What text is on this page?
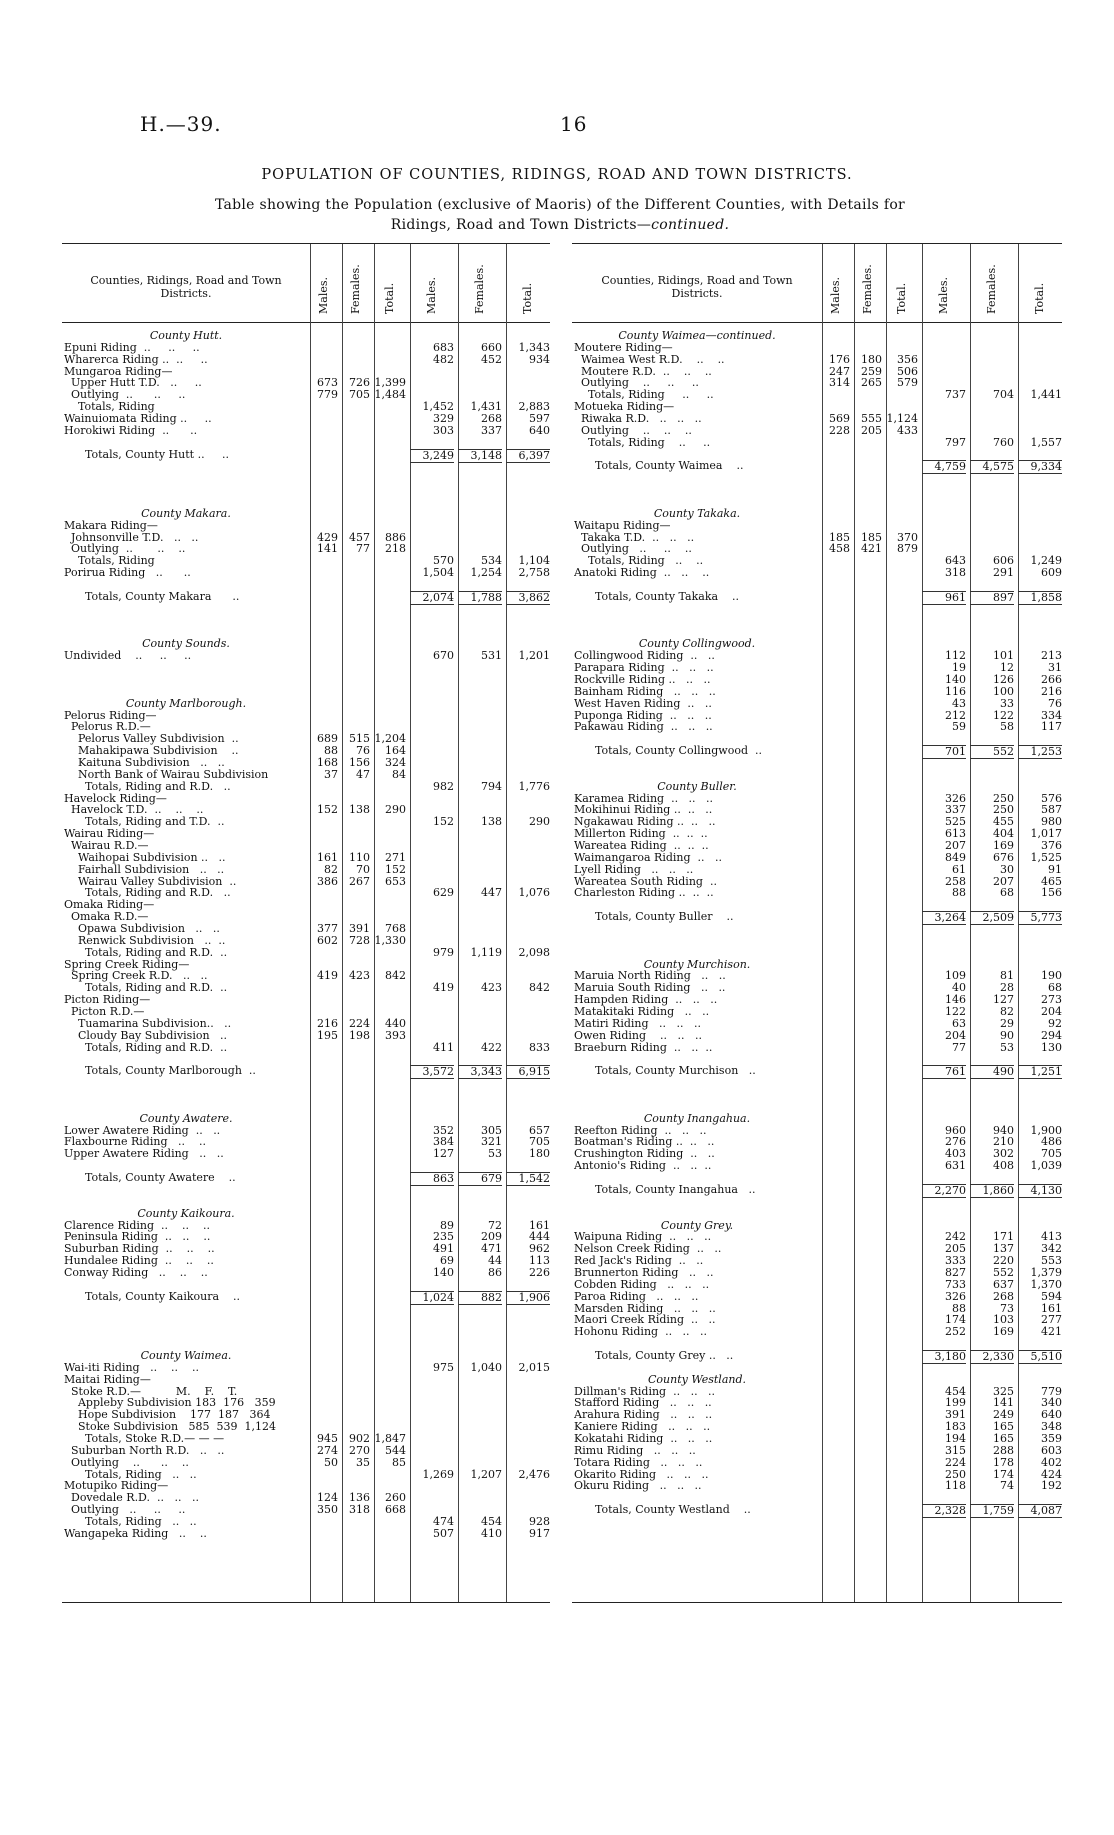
H.—39.	16
POPULATION OF COUNTIES, RIDINGS, ROAD AND TOWN DISTRICTS.
Table showing the Population (exclusive of Maoris) of the Different Counties, with Details for
Ridings, Road and Town Districts—continued.
Counties, Ridings, Road and Town Districts.	Males.	Females.	Total.	Males.	Females.	Total.
County Hutt.
Epuni Riding  ..     ..     ..	683	660	1,343
Wharerca Riding ..  ..     ..	482	452	934
Mungaroa Riding—
Upper Hutt T.D.   ..     ..	673	726 1,399
Outlying  ..      ..     ..	779	705 1,484
Totals, Riding	1,452	1,431	2,883
Wainuiomata Riding ..     ..	329	268	597
Horokiwi Riding  ..      ..	303	337	640
Totals, County Hutt ..     ..	3,249	3,148	6,397
County Makara.
Makara Riding—
Johnsonville T.D.   ..   ..	429	457	886
Outlying  ..       ..    ..	141	77	218
Totals, Riding	570	534	1,104
Porirua Riding   ..      ..	1,504	1,254	2,758
Totals, County Makara      ..	2,074	1,788	3,862
County Sounds.
Undivided    ..     ..     ..	670	531	1,201
County Marlborough.
Pelorus Riding—
Pelorus R.D.—
Pelorus Valley Subdivision  ..	689	515 1,204
Mahakipawa Subdivision    ..	88	76	164
Kaituna Subdivision   ..   ..	168	156	324
North Bank of Wairau Subdivision	37	47	84
Totals, Riding and R.D.   ..	982	794	1,776
Havelock Riding—
Havelock T.D.  ..    ..    ..	152	138	290
Totals, Riding and T.D.  ..	152	138	290
Wairau Riding—
Wairau R.D.—
Waihopai Subdivision ..   ..	161	110	271
Fairhall Subdivision   ..   ..	82	70	152
Wairau Valley Subdivision  ..	386	267	653
Totals, Riding and R.D.   ..	629	447	1,076
Omaka Riding—
Omaka R.D.—
Opawa Subdivision   ..   ..	377	391	768
Renwick Subdivision   ..  ..	602	728 1,330
Totals, Riding and R.D.  ..	979	1,119	2,098
Spring Creek Riding—
Spring Creek R.D.   ..   ..	419	423	842
Totals, Riding and R.D.  ..	419	423	842
Picton Riding—
Picton R.D.—
Tuamarina Subdivision..   ..	216	224	440
Cloudy Bay Subdivision   ..	195	198	393
Totals, Riding and R.D.  ..	411	422	833
Totals, County Marlborough  ..	3,572	3,343	6,915
County Awatere.
Lower Awatere Riding  ..   ..	352	305	657
Flaxbourne Riding   ..    ..	384	321	705
Upper Awatere Riding   ..   ..	127	53	180
Totals, County Awatere    ..	863	679	1,542
County Kaikoura.
Clarence Riding  ..    ..    ..	89	72	161
Peninsula Riding  ..   ..    ..	235	209	444
Suburban Riding  ..    ..    ..	491	471	962
Hundalee Riding  ..    ..    ..	69	44	113
Conway Riding   ..    ..    ..	140	86	226
Totals, County Kaikoura    ..	1,024	882	1,906
County Waimea.
Wai-iti Riding   ..    ..    ..	975	1,040	2,015
Maitai Riding—
Stoke R.D.—          M.    F.    T.
Appleby Subdivision 183  176   359
Hope Subdivision    177  187   364
Stoke Subdivision   585  539  1,124
Totals, Stoke R.D.— — —	945	902 1,847
Suburban North R.D.   ..   ..	274	270	544
Outlying    ..      ..    ..	50	35	85
Totals, Riding   ..   ..	1,269	1,207	2,476
Motupiko Riding—
Dovedale R.D.  ..   ..   ..	124	136	260
Outlying   ..     ..     ..	350	318	668
Totals, Riding   ..   ..	474	454	928
Wangapeka Riding   ..    ..	507	410	917
Counties, Ridings, Road and Town Districts.	Males.	Females.	Total.	Males.	Females.	Total.
County Waimea—continued.
Moutere Riding—
Waimea West R.D.    ..    ..	176	180	356
Moutere R.D.  ..    ..    ..	247	259	506
Outlying    ..     ..     ..	314	265	579
Totals, Riding     ..     ..	737	704	1,441
Motueka Riding—
Riwaka R.D.   ..   ..   ..	569	555 1,124
Outlying    ..    ..    ..	228	205	433
Totals, Riding    ..     ..	797	760	1,557
Totals, County Waimea    ..	4,759	4,575	9,334
County Takaka.
Waitapu Riding—
Takaka T.D.  ..   ..   ..	185	185	370
Outlying   ..     ..    ..	458	421	879
Totals, Riding   ..    ..	643	606	1,249
Anatoki Riding  ..   ..    ..	318	291	609
Totals, County Takaka    ..	961	897	1,858
County Collingwood.
Collingwood Riding  ..   ..	112	101	213
Parapara Riding  ..   ..   ..	19	12	31
Rockville Riding ..   ..   ..	140	126	266
Bainham Riding   ..   ..   ..	116	100	216
West Haven Riding  ..   ..	43	33	76
Puponga Riding  ..   ..   ..	212	122	334
Pakawau Riding  ..   ..   ..	59	58	117
Totals, County Collingwood  ..	701	552	1,253
County Buller.
Karamea Riding  ..   ..   ..	326	250	576
Mokihinui Riding ..  ..   ..	337	250	587
Ngakawau Riding ..  ..   ..	525	455	980
Millerton Riding  ..  ..  ..	613	404	1,017
Wareatea Riding  ..  ..  ..	207	169	376
Waimangaroa Riding  ..   ..	849	676	1,525
Lyell Riding   ..   ..   ..	61	30	91
Wareatea South Riding  ..	258	207	465
Charleston Riding ..  ..  ..	88	68	156
Totals, County Buller    ..	3,264	2,509	5,773
County Murchison.
Maruia North Riding   ..   ..	109	81	190
Maruia South Riding   ..   ..	40	28	68
Hampden Riding  ..   ..   ..	146	127	273
Matakitaki Riding   ..   ..	122	82	204
Matiri Riding   ..   ..   ..	63	29	92
Owen Riding    ..   ..   ..	204	90	294
Braeburn Riding  ..   ..  ..	77	53	130
Totals, County Murchison   ..	761	490	1,251
County Inangahua.
Reefton Riding  ..   ..   ..	960	940	1,900
Boatman's Riding ..  ..   ..	276	210	486
Crushington Riding  ..   ..	403	302	705
Antonio's Riding  ..   ..  ..	631	408	1,039
Totals, County Inangahua   ..	2,270	1,860	4,130
County Grey.
Waipuna Riding  ..   ..   ..	242	171	413
Nelson Creek Riding  ..   ..	205	137	342
Red Jack's Riding  ..   ..	333	220	553
Brunnerton Riding   ..   ..	827	552	1,379
Cobden Riding   ..   ..   ..	733	637	1,370
Paroa Riding   ..   ..   ..	326	268	594
Marsden Riding   ..   ..   ..	88	73	161
Maori Creek Riding  ..   ..	174	103	277
Hohonu Riding  ..   ..   ..	252	169	421
Totals, County Grey ..   ..	3,180	2,330	5,510
County Westland.
Dillman's Riding  ..   ..   ..	454	325	779
Stafford Riding   ..   ..   ..	199	141	340
Arahura Riding   ..   ..   ..	391	249	640
Kaniere Riding   ..   ..   ..	183	165	348
Kokatahi Riding  ..   ..   ..	194	165	359
Rimu Riding   ..   ..   ..	315	288	603
Totara Riding   ..   ..   ..	224	178	402
Okarito Riding   ..   ..   ..	250	174	424
Okuru Riding   ..   ..   ..	118	74	192
Totals, County Westland    ..	2,328	1,759	4,087
